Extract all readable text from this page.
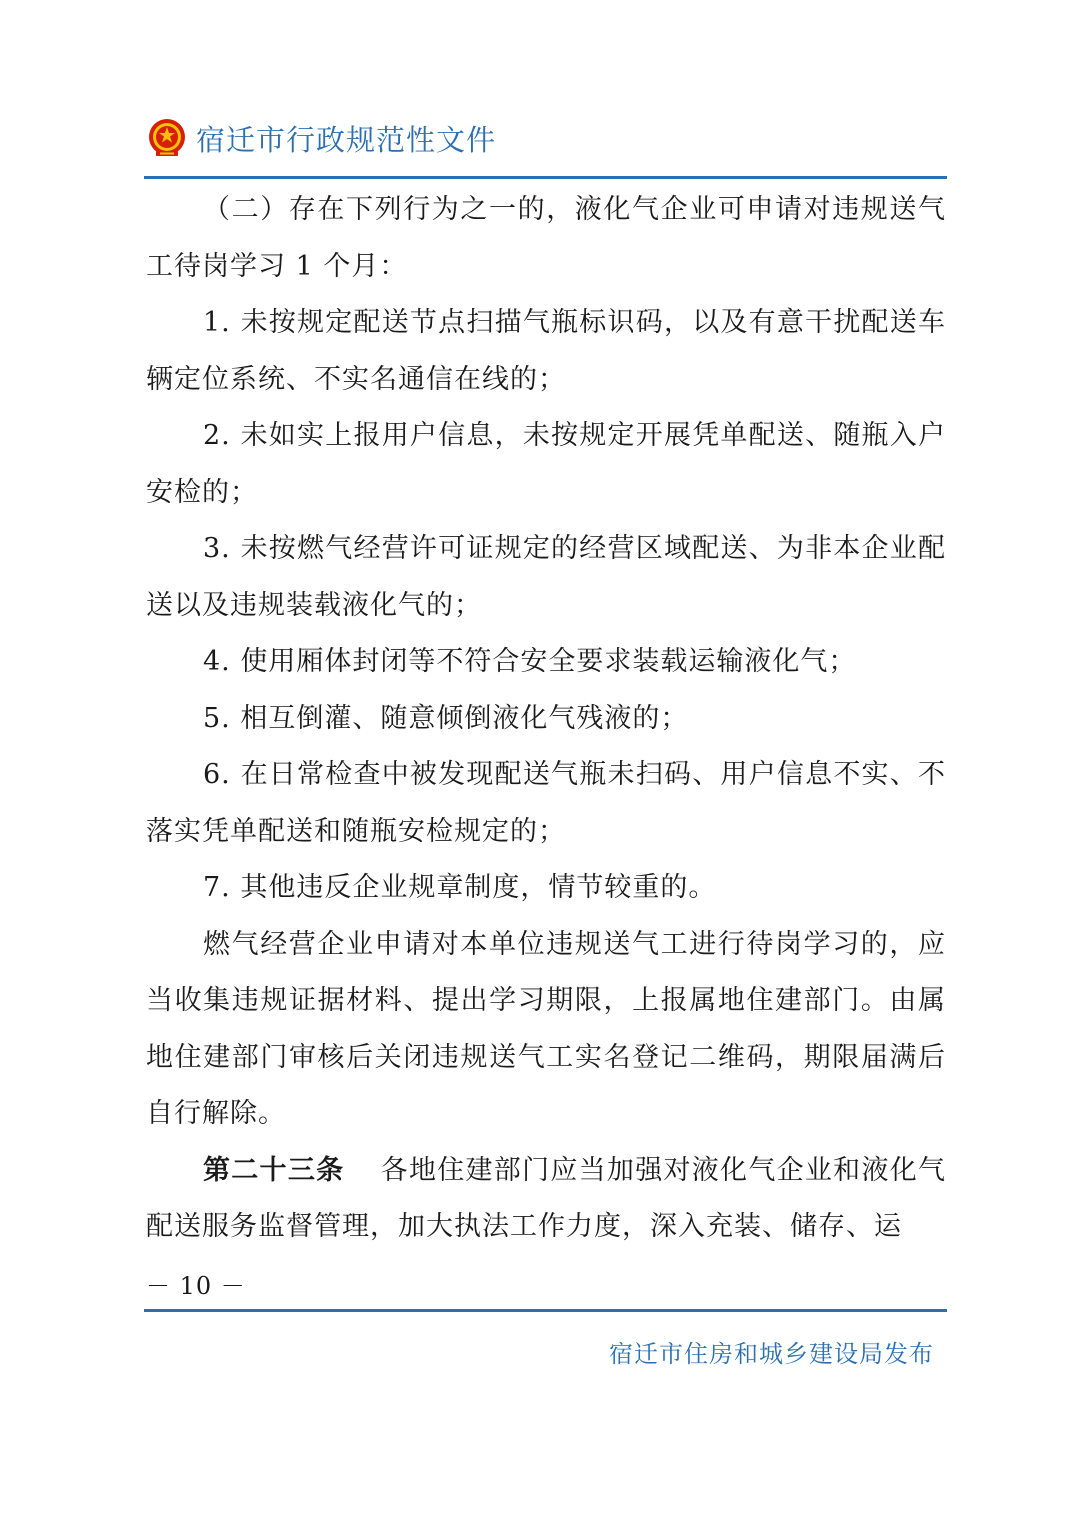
宿迁市行政规范性文件

（二）存在下列行为之一的，液化气企业可申请对违规送气工待岗学习 1 个月：

1. 未按规定配送节点扫描气瓶标识码，以及有意干扰配送车辆定位系统、不实名通信在线的；

2. 未如实上报用户信息，未按规定开展凭单配送、随瓶入户安检的；

3. 未按燃气经营许可证规定的经营区域配送、为非本企业配送以及违规装载液化气的；

4. 使用厢体封闭等不符合安全要求装载运输液化气；

5. 相互倒灌、随意倾倒液化气残液的；

6. 在日常检查中被发现配送气瓶未扫码、用户信息不实、不落实凭单配送和随瓶安检规定的；

7. 其他违反企业规章制度，情节较重的。

燃气经营企业申请对本单位违规送气工进行待岗学习的，应当收集违规证据材料、提出学习期限，上报属地住建部门。由属地住建部门审核后关闭违规送气工实名登记二维码，期限届满后自行解除。

第二十三条 各地住建部门应当加强对液化气企业和液化气配送服务监督管理，加大执法工作力度，深入充装、储存、运

－ 10 －
宿迁市住房和城乡建设局发布
